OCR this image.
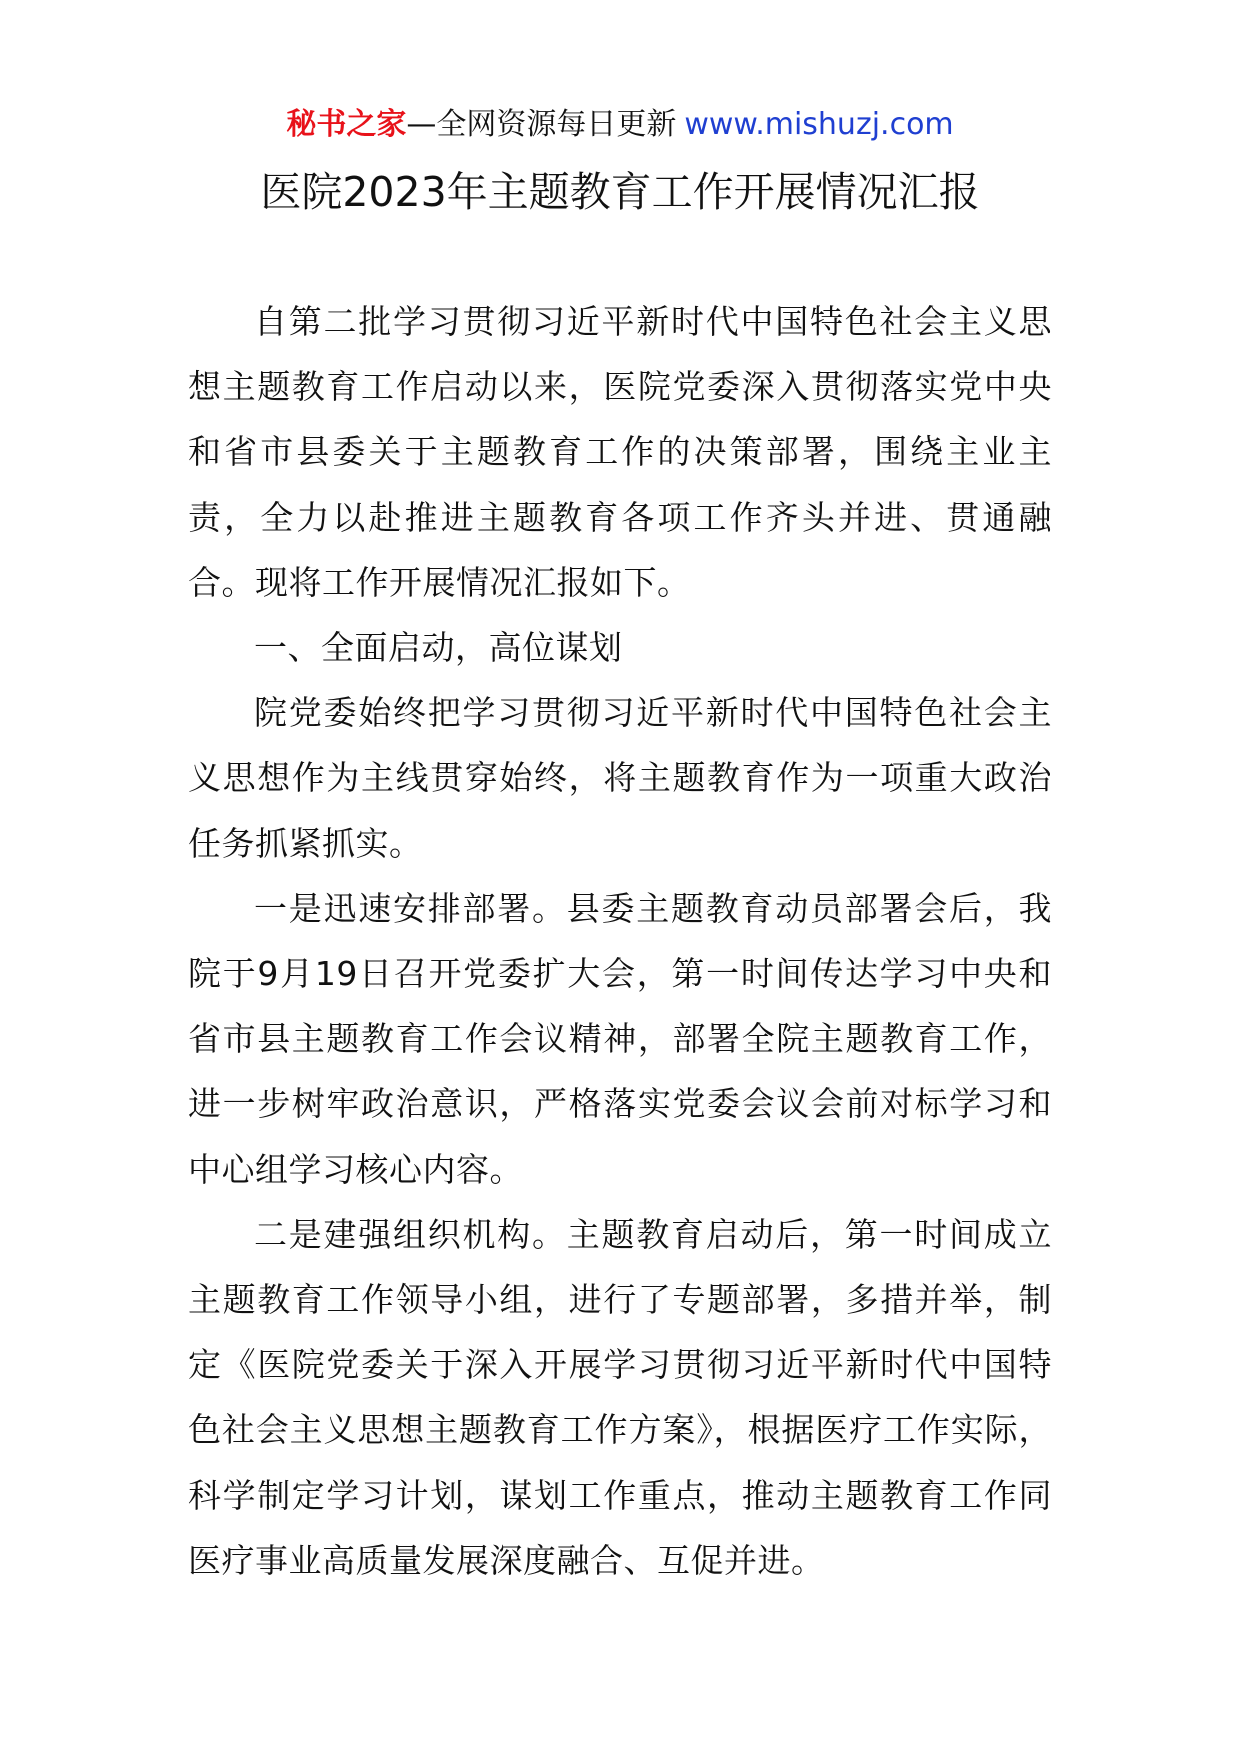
秘书之家—全网资源每日更新 www.mishuzj.com
医院2023年主题教育工作开展情况汇报

自第二批学习贯彻习近平新时代中国特色社会主义思想主题教育工作启动以来，医院党委深入贯彻落实党中央和省市县委关于主题教育工作的决策部署，围绕主业主责，全力以赴推进主题教育各项工作齐头并进、贯通融合。现将工作开展情况汇报如下。

一、全面启动，高位谋划

院党委始终把学习贯彻习近平新时代中国特色社会主义思想作为主线贯穿始终，将主题教育作为一项重大政治任务抓紧抓实。

一是迅速安排部署。县委主题教育动员部署会后，我院于9月19日召开党委扩大会，第一时间传达学习中央和省市县主题教育工作会议精神，部署全院主题教育工作，进一步树牢政治意识，严格落实党委会议会前对标学习和中心组学习核心内容。

二是建强组织机构。主题教育启动后，第一时间成立主题教育工作领导小组，进行了专题部署，多措并举，制定《医院党委关于深入开展学习贯彻习近平新时代中国特色社会主义思想主题教育工作方案》，根据医疗工作实际，科学制定学习计划，谋划工作重点，推动主题教育工作同医疗事业高质量发展深度融合、互促并进。
